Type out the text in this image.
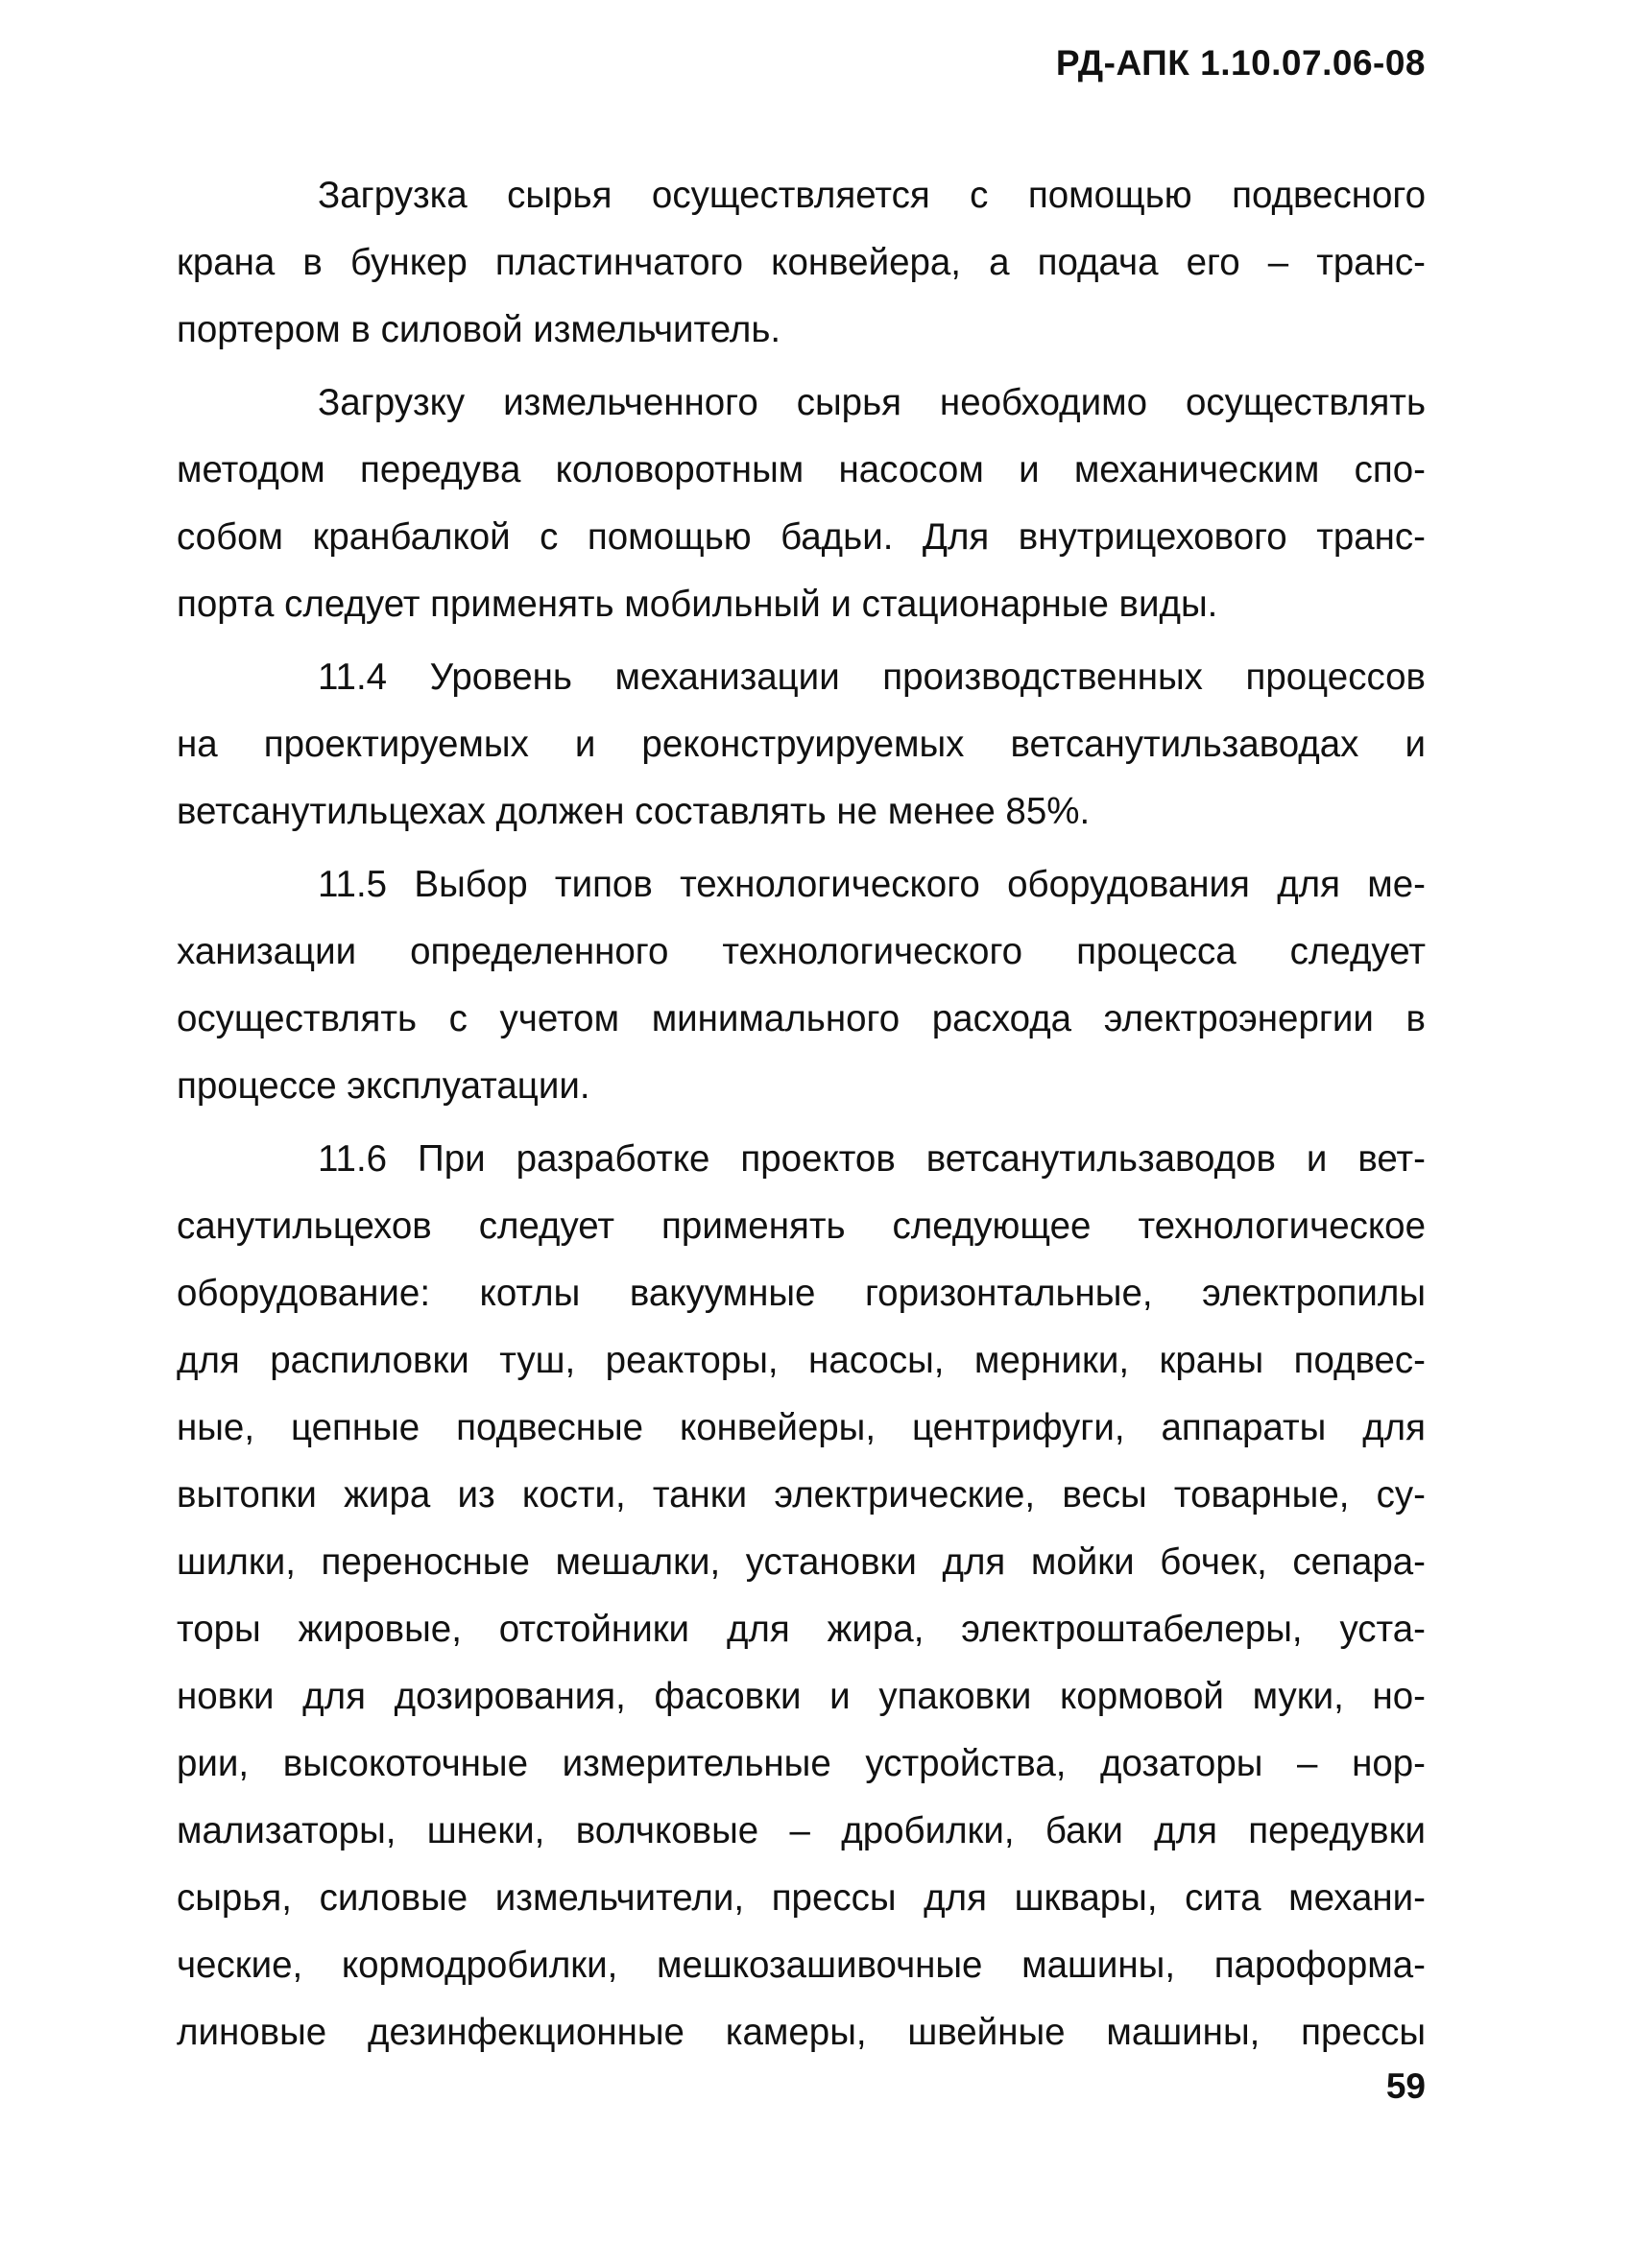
РД-АПК 1.10.07.06-08
Загрузка сырья осуществляется с помощью подвесного
крана в бункер пластинчатого конвейера, а подача его – транс-
портером в силовой измельчитель.
Загрузку измельченного сырья необходимо осуществлять
методом передува коловоротным насосом и механическим спо-
собом кранбалкой с помощью бадьи. Для внутрицехового транс-
порта следует применять мобильный и стационарные виды.
11.4 Уровень механизации производственных процессов
на проектируемых и реконструируемых ветсанутильзаводах и
ветсанутильцехах должен составлять не менее 85%.
11.5 Выбор типов технологического оборудования для ме-
ханизации определенного технологического процесса следует
осуществлять с учетом минимального расхода электроэнергии в
процессе эксплуатации.
11.6 При разработке проектов ветсанутильзаводов и вет-
санутильцехов следует применять следующее технологическое
оборудование: котлы вакуумные горизонтальные, электропилы
для распиловки туш, реакторы, насосы, мерники, краны подвес-
ные, цепные подвесные конвейеры, центрифуги, аппараты для
вытопки жира из кости, танки электрические, весы товарные, су-
шилки, переносные мешалки, установки для мойки бочек, сепара-
торы жировые, отстойники для жира, электроштабелеры, уста-
новки для дозирования, фасовки и упаковки кормовой муки, но-
рии, высокоточные измерительные устройства, дозаторы – нор-
мализаторы, шнеки, волчковые – дробилки, баки для передувки
сырья, силовые измельчители, прессы для шквары, сита механи-
ческие, кормодробилки, мешкозашивочные машины, пароформа-
линовые дезинфекционные камеры, швейные машины, прессы
59
